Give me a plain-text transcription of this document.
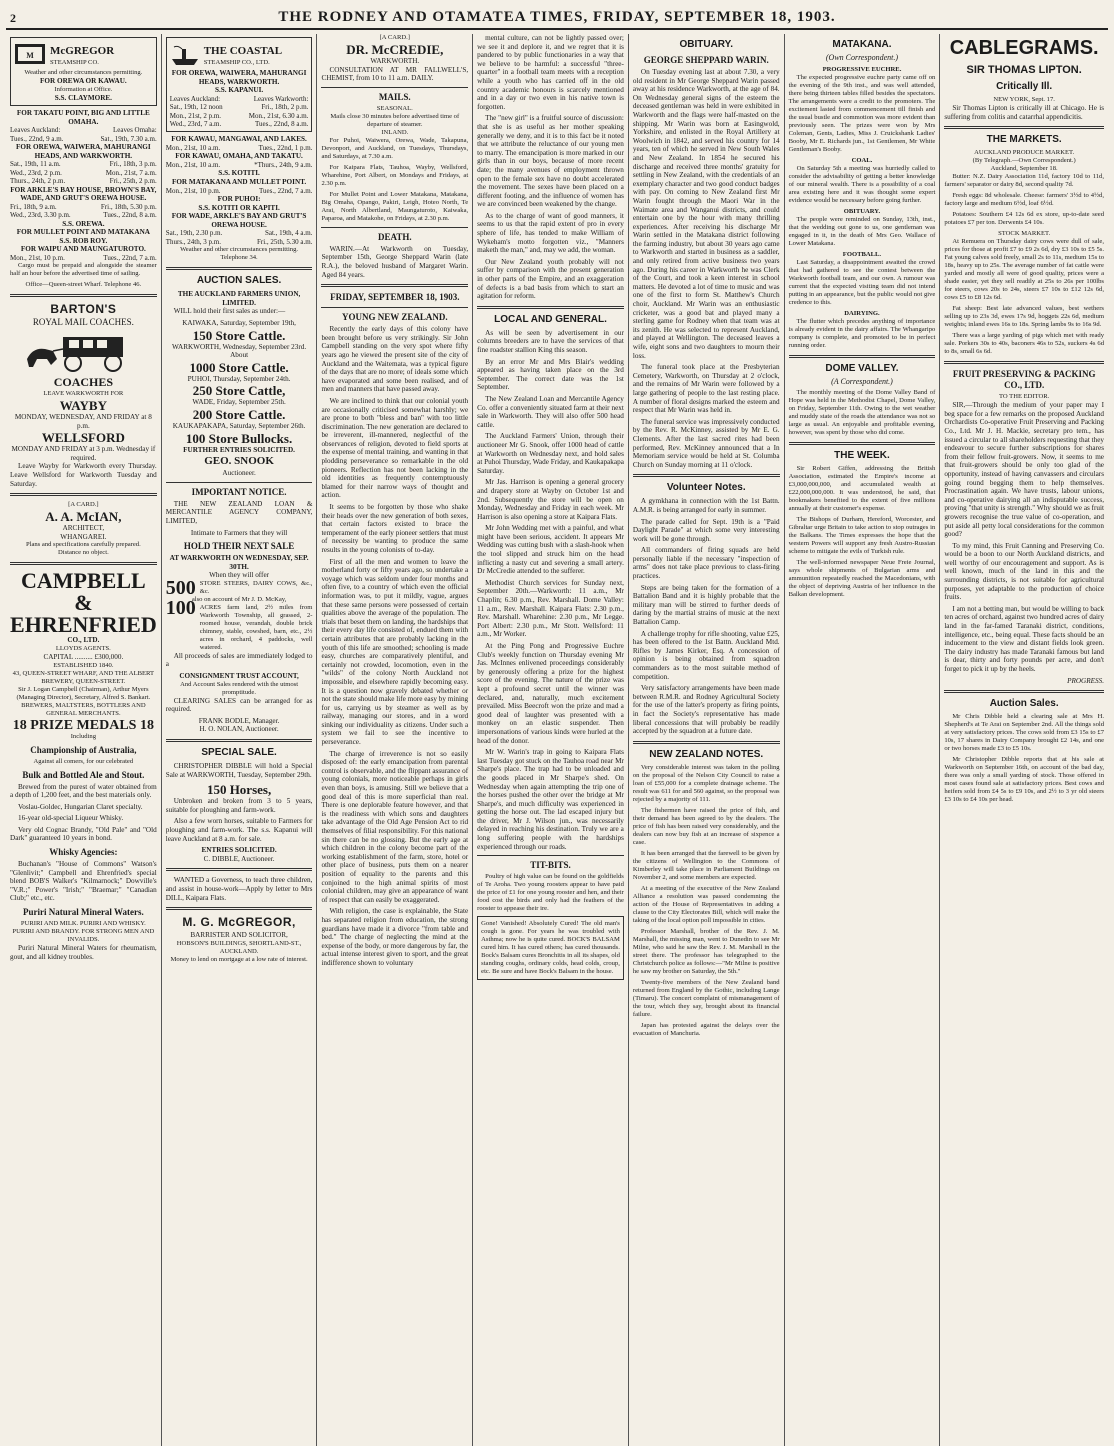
2	THE RODNEY AND OTAMATEA TIMES, FRIDAY, SEPTEMBER 18, 1903.
M McGREGOR
STEAMSHIP CO.
Weather and other circumstances permitting.
FOR OREWA OR KAWAU.
Information at Office.
S.S. CLAYMORE.
FOR TAKATU POINT, BIG AND LITTLE OMAHA.
Leaves Auckland:	Leaves Omaha:
Tues., 22nd, 9 a.m.	Sat., 19th, 7.30 a.m.
FOR OREWA, WAIWERA, MAHURANGI HEADS, AND WARKWORTH.
Sat., 19th, 11 a.m.	Fri., 18th, 3 p.m.
Wed., 23rd, 2 p.m.	Mon., 21st, 7 a.m.
Thurs., 24th, 2 p.m.	Fri., 25th, 2 p.m.
FOR ARKLE'S BAY HOUSE, BROWN'S BAY, WADE, AND GRUT'S OREWA HOUSE.
Fri., 18th, 9 a.m.	Fri., 18th, 5.30 p.m.
Wed., 23rd, 3.30 p.m.	Tues., 22nd, 8 a.m.
S.S. OREWA.
FOR MULLET POINT AND MATAKANA
S.S. ROB ROY.
FOR WAIPU AND MAUNGATUROTO.
Mon., 21st, 10 p.m.	Tues., 22nd, 7 a.m.

Cargo must be prepaid and alongside the steamer half an hour before the advertised time of sailing.

Office—Queen-street Wharf. Telephone 46.
BARTON'S
ROYAL MAIL COACHES.
COACHES
LEAVE WARKWORTH FOR
WAYBY
MONDAY, WEDNESDAY, AND FRIDAY at 8 p.m.
WELLSFORD
MONDAY AND FRIDAY at 3 p.m. Wednesday if required.

Leave Wayby for Warkworth every Thursday. Leave Wellsford for Warkworth Tuesday and Saturday.

[A CARD.]
A. A. McIAN,
ARCHITECT,
WHANGAREI.
Plans and specifications carefully prepared.
Distance no object.
CAMPBELL &
EHRENFRIED
CO., LTD.
LLOYDS AGENTS.
CAPITAL .......... £300,000.
ESTABLISHED 1840.
43, QUEEN-STREET WHARF, AND THE ALBERT BREWERY, QUEEN-STREET.
Sir J. Logan Campbell (Chairman), Arthur Myers (Managing Director), Secretary, Alfred S. Bankart.
BREWERS, MALTSTERS, BOTTLERS AND GENERAL MERCHANTS.
18 PRIZE MEDALS 18
Including
Championship of Australia,
Against all comers, for our celebrated
Bulk and Bottled Ale and Stout.

Brewed from the purest of water obtained from a depth of 1,200 feet, and the best materials only.

Voslau-Goldec, Hungarian Claret specialty.

16-year old-special Liqueur Whisky.

Very old Cognac Brandy, "Old Pale" and "Old Dark" guaranteed 10 years in bond.

Whisky Agencies:

Buchanan's "House of Commons" Watson's "Glenlivit;" Campbell and Ehrenfried's special blend BOB'S Walker's "Kilmarnock;" Dowville's "V.R.;" Power's "Irish;" "Braemar;" "Canadian Club;" etc., etc.

Puriri Natural Mineral Waters.
PURIRI AND MILK. PURIRI AND WHISKY. PURIRI AND BRANDY. FOR STRONG MEN AND INVALIDS.

Puriri Natural Mineral Waters for rheumatism, gout, and all kidney troubles.

THE COASTAL
STEAMSHIP CO., LTD.
FOR OREWA, WAIWERA, MAHURANGI HEADS, WARKWORTH.
S.S. KAPANUI.
Leaves Auckland:	Leaves Warkworth:
Sat., 19th, 12 noon	Fri., 18th, 2 p.m.
Mon., 21st, 2 p.m.	Mon., 21st, 6.30 a.m.
Wed., 23rd, 7 a.m.	Tues., 22nd, 8 a.m.
FOR KAWAU, MANGAWAI, AND LAKES.
Mon., 21st, 10 a.m.	Tues., 22nd, 1 p.m.
FOR KAWAU, OMAHA, AND TAKATU.
Mon., 21st, 10 a.m.	*Thurs., 24th, 9 a.m.
S.S. KOTITI.
FOR MATAKANA AND MULLET POINT.
Mon., 21st, 10 p.m.	Tues., 22nd, 7 a.m.
FOR PUHOI:
S.S. KOTITI OR KAPITI.
FOR WADE, ARKLE'S BAY AND GRUT'S OREWA HOUSE.
Sat., 19th, 2.30 p.m.	Sat., 19th, 4 a.m.
Thurs., 24th, 3 p.m.	Fri., 25th, 5.30 a.m.
Weather and other circumstances permitting. Telephone 34.
AUCTION SALES.
THE AUCKLAND FARMERS UNION, LIMITED.

WILL hold their first sales as under:—

KAIWAKA, Saturday, September 19th,
150 Store Cattle.
WARKWORTH, Wednesday, September 23rd.
About
1000 Store Cattle.
PUHOI, Thursday, September 24th.
250 Store Cattle,
WADE, Friday, September 25th.
200 Store Cattle.
KAUKAPAKAPA, Saturday, September 26th.
100 Store Bullocks.
FURTHER ENTRIES SOLICITED.
GEO. SNOOK
Auctioneer.
IMPORTANT NOTICE.

THE NEW ZEALAND LOAN & MERCANTILE AGENCY COMPANY, LIMITED,

Intimate to Farmers that they will
HOLD THEIR NEXT SALE
AT WARKWORTH ON WEDNESDAY, SEP. 30TH.
When they will offer
500 STORE STEERS, DAIRY COWS, &c., &c.
also on account of Mr J. D. McKay,
100 ACRES farm land, 2½ miles from Warkworth Township, all grassed, 2-roomed house, verandah, double brick chimney, stable, cowshed, barn, etc., 2½ acres in orchard, 4 paddocks, well watered.

All proceeds of sales are immediately lodged to a

CONSIGNMENT TRUST ACCOUNT,
And Account Sales rendered with the utmost promptitude.

CLEARING SALES can be arranged for as required.

FRANK BODLE, Manager.
H. O. NOLAN, Auctioneer.
SPECIAL SALE.

CHRISTOPHER DIBBLE will hold a Special Sale at WARKWORTH, Tuesday, September 29th.

150 Horses,

Unbroken and broken from 3 to 5 years, suitable for ploughing and farm-work.

Also a few worn horses, suitable to Farmers for ploughing and farm-work. The s.s. Kapanui will leave Auckland at 8 a.m. for sale.

ENTRIES SOLICITED.
C. DIBBLE, Auctioneer.

WANTED a Governess, to teach three children, and assist in house-work—Apply by letter to Mrs DILL, Kaipara Flats.

M. G. McGREGOR,
BARRISTER AND SOLICITOR,
HOBSON'S BUILDINGS, SHORTLAND-ST., AUCKLAND.
Money to lend on mortgage at a low rate of interest.
[A CARD.]
DR. McCREDIE,
WARKWORTH.

CONSULTATION AT MR FALLWELL'S, CHEMIST, from 10 to 11 a.m. DAILY.

MAILS.
SEASONAL.
Mails close 30 minutes before advertised time of departure of steamer.
INLAND.

For Puhoi, Waiwera, Orewa, Wade, Takapuna, Devonport, and Auckland, on Tuesdays, Thursdays, and Saturdays, at 7.30 a.m.

For Kaipara Flats, Tauhoa, Wayby, Wellsford, Wharehine, Port Albert, on Mondays and Fridays, at 2.30 p.m.

For Mullet Point and Lower Matakana, Matakana, Big Omaha, Opango, Pakiri, Leigh, Hoteo North, Te Arai, North Albertland, Maungaturoto, Kaiwaka, Paparoa, and Matakohe, on Fridays, at 2.30 p.m.

DEATH.

WARIN.—At Warkworth on Tuesday, September 15th, George Sheppard Warin (late R.A.), the beloved husband of Margaret Warin. Aged 84 years.

FRIDAY, SEPTEMBER 18, 1903.
YOUNG NEW ZEALAND.

Recently the early days of this colony have been brought before us very strikingly. Sir John Campbell standing on the very spot where fifty years ago he viewed the present site of the city of Auckland and the Waitemata, was a typical figure of the days that are no more; of ideals some which have evaporated and some been realised, and of men and manners that have passed away.

We are inclined to think that our colonial youth are occasionally criticised somewhat harshly; we are prone to both "bless and ban" with too little discrimination. The new generation are declared to be irreverent, ill-mannered, neglectful of the observances of religion, devoted to field sports at the expense of mental training, and wanting in that plodding perseverance so remarkable in the old pioneers. Reflection has not been lacking in the old identities as frequently contemptuously blamed for their narrow ways of thought and action.

It seems to be forgotten by those who shake their heads over the new generation of both sexes, that certain factors existed to brace the temperament of the early pioneer settlers that must of necessity be wanting to produce the same results in the young colonists of to-day.

First of all the men and women to leave the motherland forty or fifty years ago, so undertake a voyage which was seldom under four months and often five, to a country of which even the official information was, to put it mildly, vague, argues that these same persons were possessed of certain qualities above the average of the population. The trials that beset them on landing, the hardships that their every day life consisted of, endued them with certain attributes that are probably lacking in the youth of this life are smoothed; schooling is made easy, churches are comparatively plentiful, and certainly not crowded, locomotion, even in the "wilds" of the colony North Auckland not impossible, and elsewhere rapidly becoming easy. It is a question now gravely debated whether or not the state should make life more easy by mining for us, carrying us by steamer as well as by railway, managing our stores, and in a word sinking our individuality as citizens. Under such a system we fail to see the incentive to perseverance.

The charge of irreverence is not so easily disposed of: the early emancipation from parental control is observable, and the flippant assurance of young colonials, more noticeable perhaps in girls even than boys, is amusing. Still we believe that a good deal of this is more superficial than real. There is one deplorable feature however, and that is the readiness with which sons and daughters take advantage of the Old Age Pension Act to rid themselves of filial responsibility. For this national sin there can be no glossing. But the early age at which children in the colony become part of the working establishment of the farm, store, hotel or other place of business, puts them on a nearer position of equality to the parents and this conjoined to the high animal spirits of most colonial children, may give an appearance of want of respect that can easily be exaggerated.

With religion, the case is explainable, the State has separated religion from education, the strong guardians have made it a divorce "from table and bed." The charge of neglecting the mind at the expense of the body, or more dangerous by far, the actual intense interest given to sport, and the great indifference shown to voluntary

mental culture, can not be lightly passed over; we see it and deplore it, and we regret that it is pandered to by public functionaries in a way that we believe to be harmful: a successful "three-quarter" in a football team meets with a reception while a youth who has carried off in the old country academic honours is scarcely mentioned and in a day or two even in his native town is forgotten.

The "new girl" is a fruitful source of discussion: that she is as useful as her mother speaking generally we deny, and it is to this fact be it noted that we attribute the reluctance of our young men to marry. The emancipation is more marked in our girls than in our boys, because of more recent date; the many avenues of employment thrown open to the female sex have no doubt accelerated the movement. The sexes have been placed on a different footing, and the influence of women has we are convinced been weakened by the change.

As to the charge of want of good manners, it seems to us that the rapid extent of pro in every sphere of life, has tended to make William of Wykeham's motto forgotten viz., "Manners maketh the man," and, may we add, the woman.

Our New Zealand youth probably will not suffer by comparison with the present generation in other parts of the Empire, and an exaggeration of defects is a bad basis from which to start an agitation for reform.

LOCAL AND GENERAL.

As will be seen by advertisement in our columns breeders are to have the services of that fine roadster stallion King this season.

By an error Mr and Mrs Blair's wedding appeared as having taken place on the 3rd September. The correct date was the 1st September.

The New Zealand Loan and Mercantile Agency Co. offer a conveniently situated farm at their next sale in Warkworth. They will also offer 500 head cattle.

The Auckland Farmers' Union, through their auctioneer Mr G. Snook, offer 1000 head of cattle at Warkworth on Wednesday next, and hold sales at Puhoi Thursday, Wade Friday, and Kaukapakapa Saturday.

Mr Jas. Harrison is opening a general grocery and drapery store at Wayby on October 1st and 2nd. Subsequently the store will be open on Monday, Wednesday and Friday in each week. Mr Harrison is also opening a store at Kaipara Flats.

Mr John Wedding met with a painful, and what might have been serious, accident. It appears Mr Wedding was cutting bush with a slash-hook when the tool slipped and struck him on the head inflicting a nasty cut and severing a small artery. Dr McCredie attended to the sufferer.

Methodist Church services for Sunday next, September 20th.—Warkworth: 11 a.m., Mr Chaplin; 6.30 p.m., Rev. Marshall. Dome Valley: 11 a.m., Rev. Marshall. Kaipara Flats: 2.30 p.m., Rev. Marshall. Wharehine: 2.30 p.m., Mr Legge. Port Albert: 2.30 p.m., Mr Stott. Wellsford: 11 a.m., Mr Worker.

At the Ping Pong and Progressive Euchre Club's weekly function on Thursday evening Mr Jas. McInnes enlivened proceedings considerably by generously offering a prize for the highest score of the evening. The nature of the prize was kept a profound secret until the winner was declared, and, naturally, much excitement prevailed. Miss Beecroft won the prize and mad a good deal of laughter was presented with a monkey on an elastic suspender. Then impersonations of various kinds were hurled at the head of the donor.

Mr W. Warin's trap in going to Kaipara Flats last Tuesday got stuck on the Tauhoa road near Mr Sharpe's place. The trap had to be unloaded and the goods placed in Mr Sharpe's shed. On Wednesday when again attempting the trip one of the horses pushed the other over the bridge at Mr Sharpe's, and much difficulty was experienced in getting the horse out. The lad escaped injury but the driver, Mr J. Wilson jun., was necessarily delayed in reaching his destination. Truly we are a long suffering people with the hardships experienced through our roads.

TIT-BITS.

Poultry of high value can be found on the goldfields of Te Aroha. Two young roosters appear to have paid the price of £1 for one young rooster and hen, and their food cost the birds and only had the feathers of the rooster to appease their ire.

Gone! Vanished! Absolutely Cured! The old man's cough is gone. For years he was troubled with Asthma; now he is quite cured. BOCK'S BALSAM cured him. It has cured others; has cured thousands. Bock's Balsam cures Bronchitis in all its shapes, old standing coughs, ordinary colds, head colds, croup, etc. Be sure and have Bock's Balsam in the house.
OBITUARY.
GEORGE SHEPPARD WARIN.

On Tuesday evening last at about 7.30, a very old resident in Mr George Sheppard Warin passed away at his residence Warkworth, at the age of 84. On Wednesday general signs of the esteem the deceased gentleman was held in were exhibited in Warkworth and the flags were half-masted on the shipping. Mr Warin was born at Easingwold, Yorkshire, and enlisted in the Royal Artillery at Woolwich in 1842, and served his country for 14 years, ten of which he served in New South Wales and New Zealand. In 1854 he secured his discharge and received three months' gratuity for settling in New Zealand, with the credentials of an exemplary character and two good conduct badges with pay. On coming to New Zealand first Mr Warin fought through the Maori War in the Waimate area and Wanganui districts, and could entertain one by the hour with many thrilling experiences. After receiving his discharge Mr Warin settled in the Matakana district following the farming industry, but about 30 years ago came to Warkworth and started in business as a saddler, and only retired from active business two years ago. During his career in Warkworth he was Clerk of the Court, and took a keen interest in school matters. He devoted a lot of time to music and was one of the first to form St. Matthew's Church choir, Auckland. Mr Warin was an enthusiastic cricketer, was a good bat and played many a sterling game for Rodney when that team was at its zenith. He was selected to represent Auckland, and played at Wellington. The deceased leaves a wife, eight sons and two daughters to mourn their loss.

The funeral took place at the Presbyterian Cemetery, Warkworth, on Thursday at 2 o'clock, and the remains of Mr Warin were followed by a large gathering of people to the last resting place. A number of floral designs marked the esteem and respect that Mr Warin was held in.

The funeral service was impressively conducted by the Rev. R. McKinney, assisted by Mr E. G. Clements. After the last sacred rites had been performed, Rev. McKinney announced that a In Memoriam service would be held at St. Columba Church on Sunday morning at 11 o'clock.

Volunteer Notes.

A gymkhana in connection with the 1st Battn. A.M.R. is being arranged for early in summer.

The parade called for Sept. 19th is a "Paid Daylight Parade" at which some very interesting work will be gone through.

All commanders of firing squads are held personally liable if the necessary "inspection of arms" does not take place previous to class-firing practices.

Steps are being taken for the formation of a Battalion Band and it is highly probable that the military man will be stirred to further deeds of daring by the martial strains of music at the next Battalion Camp.

A challenge trophy for rifle shooting, value £25, has been offered to the 1st Battn. Auckland Mtd. Rifles by James Kirker, Esq. A concession of opinion is being obtained from squadron commanders as to the most suitable method of competition.

Very satisfactory arrangements have been made between R.M.R. and Rodney Agricultural Society for the use of the latter's property as firing points, in fact the Society's representative has made liberal concessions that will probably be readily accepted by the squadron at a future date.

NEW ZEALAND NOTES.

Very considerable interest was taken in the polling on the proposal of the Nelson City Council to raise a loan of £55,000 for a complete drainage scheme. The result was 611 for and 560 against, so the proposal was rejected by a majority of 111.

The fishermen have raised the price of fish, and their demand has been agreed to by the dealers. The price of fish has been raised very considerably, and the dealers can now buy fish at an increase of sixpence a case.

It has been arranged that the farewell to be given by the citizens of Wellington to the Commons of Kimberley will take place in Parliament Buildings on November 2, and some members are expected.

At a meeting of the executive of the New Zealand Alliance a resolution was passed condemning the action of the House of Representatives in adding a clause to the City Electorates Bill, which will make the taking of the local option poll impossible in cities.

Professor Marshall, brother of the Rev. J. M. Marshall, the missing man, went to Dunedin to see Mr Milne, who said he saw the Rev. J. M. Marshall in the street there. The professor has telegraphed to the Christchurch police as follows:—"Mr Milne is positive he saw my brother on Saturday, the 5th."

Twenty-five members of the New Zealand band returned from England by the Gothic, including Lange (Timaru). The concert complaint of mismanagement of the tour, which they say, brought about its financial failure.

Japan has protested against the delays over the evacuation of Manchuria.

MATAKANA.
(Own Correspondent.)
PROGRESSIVE EUCHRE.

The expected progressive euchre party came off on the evening of the 9th inst., and was well attended, there being thirteen tables filled besides the spectators. The arrangements were a credit to the promoters. The excitement lasted from commencement till finish and the usual bustle and commotion was more evident than previously seen. The prizes were won by Mrs Coleman, Gents, Ladies, Miss J. Cruickshank Ladies' Booby, Mr E. Richards jun., 1st Gentlemen, Mr White Gentleman's Booby.

COAL.

On Saturday 5th a meeting was hurriedly called to consider the advisability of getting a better knowledge of our mineral wealth. There is a possibility of a coal area existing here and it was thought some expert evidence would be necessary before going further.

OBITUARY.

The people were reminded on Sunday, 13th, inst., that the wedding out gone to us, one gentleman was engaged in it, in the death of Mrs Geo. Wallace of Lower Matakana.

FOOTBALL.

Last Saturday, a disappointment awaited the crowd that had gathered to see the contest between the Warkworth football team, and our own. A rumour was current that the expected visiting team did not intend putting in an appearance, but the public would not give credence to this.

DAIRYING.

The flutter which precedes anything of importance is already evident in the dairy affairs. The Whangaripo company is complete, and promoted to be in perfect running order.

DOME VALLEY.
(A Correspondent.)

The monthly meeting of the Dome Valley Band of Hope was held in the Methodist Chapel, Dome Valley, on Friday, September 11th. Owing to the wet weather and muddy state of the roads the attendance was not so large as usual. An enjoyable and profitable evening, however, was spent by those who did come.

THE WEEK.

Sir Robert Giffen, addressing the British Association, estimated the Empire's income at £3,000,000,000, and accumulated wealth at £22,000,000,000. It was understood, he said, that bookmakers benefited to the extent of five millions annually at their customer's expense.

The Bishops of Durham, Hereford, Worcester, and Gibraltar urge Britain to take action to stop outrages in the Balkans. The Times expresses the hope that the western Powers will support any fresh Austro-Russian scheme to mitigate the evils of Turkish rule.

The well-informed newspaper Neue Freie Journal, says whole shipments of Bulgarian arms and ammunition repeatedly reached the Macedonians, with the object of depriving Austria of her influence in the Balkan development.

CABLEGRAMS.
SIR THOMAS LIPTON.
Critically Ill.
NEW YORK, Sept. 17.

Sir Thomas Lipton is critically ill at Chicago. He is suffering from colitis and catarrhal appendicitis.

THE MARKETS.
AUCKLAND PRODUCE MARKET.
(By Telegraph.—Own Correspondent.)
Auckland, September 18.

Butter: N.Z. Dairy Association 11d, factory 10d to 11d, farmers' separator or dairy 8d, second quality 7d.

Fresh eggs: 8d wholesale. Cheese: farmers' 3½d to 4½d, factory large and medium 6½d, loaf 6½d.

Potatoes: Southern £4 12s 6d ex store, up-to-date seed potatoes £7 per ton. Derwents £4 10s.

STOCK MARKET.

At Remuera on Thursday dairy cows were dull of sale, prices for those at profit £7 to £9 2s 6d, dry £3 10s to £5 5s. Fat young calves sold freely, small 2s to 11s, medium 15s to 18s, heavy up to 25s. The average number of fat cattle were yarded and mostly all were of good quality, prices were a shade easier, yet they sell readily at 25s to 26s per 100lbs for steers, cows 20s to 24s, steers £7 10s to £12 12s 6d, cows £5 to £8 12s 6d.

Fat sheep: Best late advanced values, best wethers selling up to 23s 3d, ewes 17s 9d, hoggets 22s 6d, medium weights; inland ewes 16s to 18s. Spring lambs 9s to 16s 9d.

There was a large yarding of pigs which met with ready sale. Porkers 30s to 40s, baconers 46s to 52s, suckers 4s 6d to 8s, small 6s 6d.

FRUIT PRESERVING & PACKING CO., LTD.
TO THE EDITOR.

SIR,—Through the medium of your paper may I beg space for a few remarks on the proposed Auckland Orchardists Co-operative Fruit Preserving and Packing Co., Ltd. Mr J. H. Mackie, secretary pro tem., has issued a circular to all shareholders requesting that they endeavour to secure further subscriptions for shares from their fellow fruit-growers. Now, it seems to me that fruit-growers should be only too glad of the opportunity, instead of having canvassers and circulars going round begging them to help themselves. Procrastination again. We have trusts, labour unions, and co-operative dairying all an indisputable success, proving "that unity is strength." Why should we as fruit growers recognise the true value of co-operation, and put aside all petty local considerations for the common good?

To my mind, this Fruit Canning and Preserving Co. would be a boon to our North Auckland districts, and well worthy of our encouragement and support. As is well known, much of the land in this and the surrounding districts, is not suitable for agricultural purposes, yet adaptable to the production of choice fruits.

I am not a betting man, but would be willing to back ten acres of orchard, against two hundred acres of dairy land in the far-famed Taranaki district, conditions, intelligence, etc., being equal. These facts should be an inducement to the view and distant fields look green. The dairy industry has made Taranaki famous but land is dear, thirty and forty pounds per acre, and don't forget to pick it up by the heels.

PROGRESS.
Auction Sales.

Mr Chris Dibble held a clearing sale at Mrs H. Shepherd's at Te Arai on September 2nd. All the things sold at very satisfactory prices. The cows sold from £3 15s to £7 10s, 17 shares in Dairy Company brought £2 14s, and one or two horses made £3 to £5 10s.

Mr Christopher Dibble reports that at his sale at Warkworth on September 16th, on account of the bad day, there was only a small yarding of stock. Those offered in most cases found sale at satisfactory prices. Best cows and heifers sold from £4 5s to £9 10s, and 2½ to 3 yr old steers £3 10s to £4 10s per head.
